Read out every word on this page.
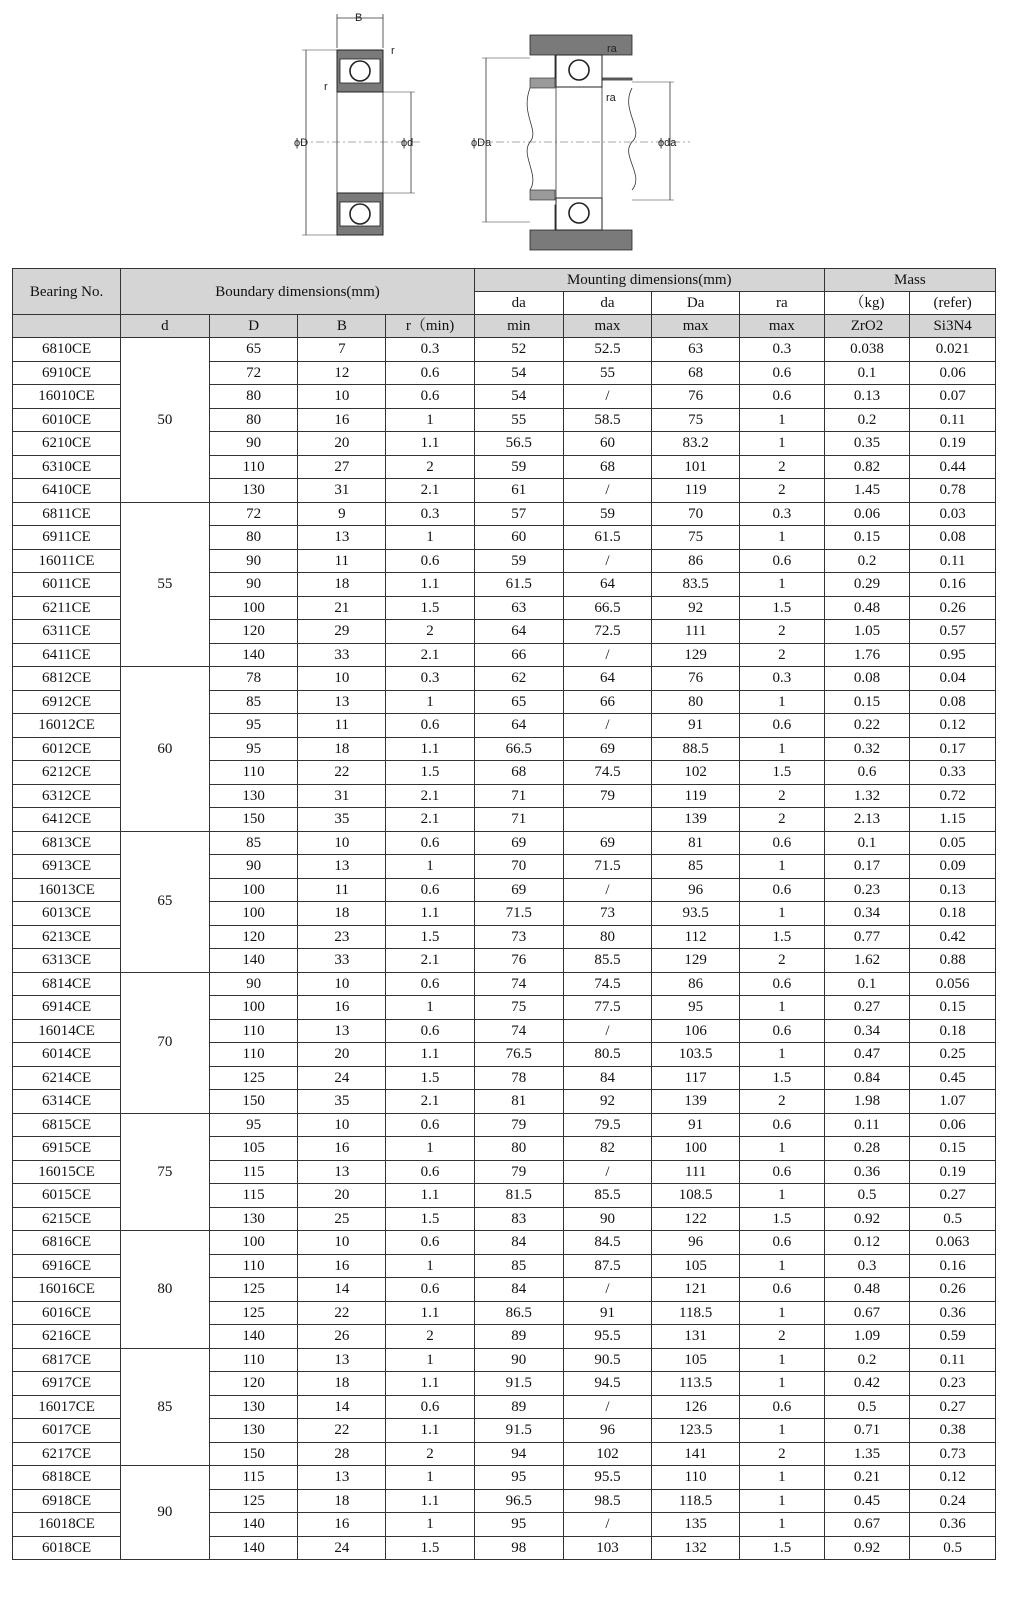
B
r
r
ϕD	ϕd
ra
ra
ϕDa	ϕda
Bearing No.	Boundary dimensions(mm)				Mounting dimensions(mm)				Mass	
					da	da	Da	ra	（kg)	(refer)
	d	D	B	r（min)	min	max	max	max	ZrO2	Si3N4
6810CE	50	65	7	0.3	52	52.5	63	0.3	0.038	0.021
6910CE		72	12	0.6	54	55	68	0.6	0.1	0.06
16010CE		80	10	0.6	54	/	76	0.6	0.13	0.07
6010CE		80	16	1	55	58.5	75	1	0.2	0.11
6210CE		90	20	1.1	56.5	60	83.2	1	0.35	0.19
6310CE		110	27	2	59	68	101	2	0.82	0.44
6410CE		130	31	2.1	61	/	119	2	1.45	0.78
6811CE	55	72	9	0.3	57	59	70	0.3	0.06	0.03
6911CE		80	13	1	60	61.5	75	1	0.15	0.08
16011CE		90	11	0.6	59	/	86	0.6	0.2	0.11
6011CE		90	18	1.1	61.5	64	83.5	1	0.29	0.16
6211CE		100	21	1.5	63	66.5	92	1.5	0.48	0.26
6311CE		120	29	2	64	72.5	111	2	1.05	0.57
6411CE		140	33	2.1	66	/	129	2	1.76	0.95
6812CE	60	78	10	0.3	62	64	76	0.3	0.08	0.04
6912CE		85	13	1	65	66	80	1	0.15	0.08
16012CE		95	11	0.6	64	/	91	0.6	0.22	0.12
6012CE		95	18	1.1	66.5	69	88.5	1	0.32	0.17
6212CE		110	22	1.5	68	74.5	102	1.5	0.6	0.33
6312CE		130	31	2.1	71	79	119	2	1.32	0.72
6412CE		150	35	2.1	71		139	2	2.13	1.15
6813CE	65	85	10	0.6	69	69	81	0.6	0.1	0.05
6913CE		90	13	1	70	71.5	85	1	0.17	0.09
16013CE		100	11	0.6	69	/	96	0.6	0.23	0.13
6013CE		100	18	1.1	71.5	73	93.5	1	0.34	0.18
6213CE		120	23	1.5	73	80	112	1.5	0.77	0.42
6313CE		140	33	2.1	76	85.5	129	2	1.62	0.88
6814CE	70	90	10	0.6	74	74.5	86	0.6	0.1	0.056
6914CE		100	16	1	75	77.5	95	1	0.27	0.15
16014CE		110	13	0.6	74	/	106	0.6	0.34	0.18
6014CE		110	20	1.1	76.5	80.5	103.5	1	0.47	0.25
6214CE		125	24	1.5	78	84	117	1.5	0.84	0.45
6314CE		150	35	2.1	81	92	139	2	1.98	1.07
6815CE	75	95	10	0.6	79	79.5	91	0.6	0.11	0.06
6915CE		105	16	1	80	82	100	1	0.28	0.15
16015CE		115	13	0.6	79	/	111	0.6	0.36	0.19
6015CE		115	20	1.1	81.5	85.5	108.5	1	0.5	0.27
6215CE		130	25	1.5	83	90	122	1.5	0.92	0.5
6816CE	80	100	10	0.6	84	84.5	96	0.6	0.12	0.063
6916CE		110	16	1	85	87.5	105	1	0.3	0.16
16016CE		125	14	0.6	84	/	121	0.6	0.48	0.26
6016CE		125	22	1.1	86.5	91	118.5	1	0.67	0.36
6216CE		140	26	2	89	95.5	131	2	1.09	0.59
6817CE	85	110	13	1	90	90.5	105	1	0.2	0.11
6917CE		120	18	1.1	91.5	94.5	113.5	1	0.42	0.23
16017CE		130	14	0.6	89	/	126	0.6	0.5	0.27
6017CE		130	22	1.1	91.5	96	123.5	1	0.71	0.38
6217CE		150	28	2	94	102	141	2	1.35	0.73
6818CE	90	115	13	1	95	95.5	110	1	0.21	0.12
6918CE		125	18	1.1	96.5	98.5	118.5	1	0.45	0.24
16018CE		140	16	1	95	/	135	1	0.67	0.36
6018CE		140	24	1.5	98	103	132	1.5	0.92	0.5
